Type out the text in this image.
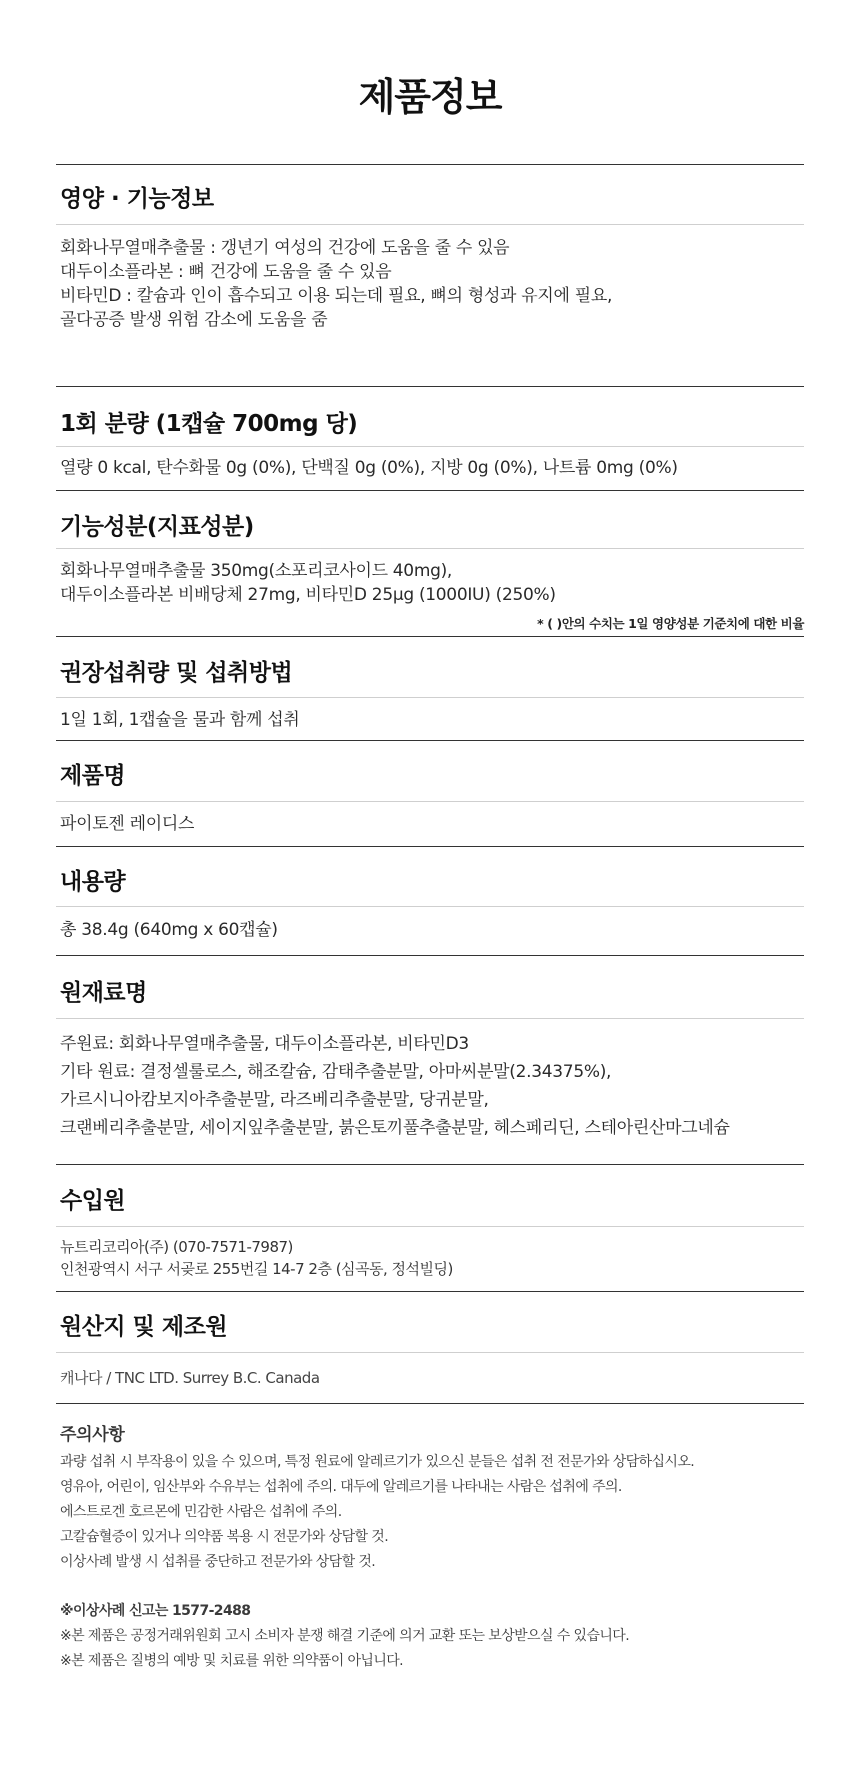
제품정보
영양 · 기능정보
회화나무열매추출물 : 갱년기 여성의 건강에 도움을 줄 수 있음
대두이소플라본 : 뼈 건강에 도움을 줄 수 있음
비타민D : 칼슘과 인이 흡수되고 이용 되는데 필요, 뼈의 형성과 유지에 필요,
골다공증 발생 위험 감소에 도움을 줌
1회 분량 (1캡슐 700mg 당)
열량 0 kcal, 탄수화물 0g (0%), 단백질 0g (0%), 지방 0g (0%), 나트륨 0mg (0%)
기능성분(지표성분)
회화나무열매추출물 350mg(소포리코사이드 40mg),
대두이소플라본 비배당체 27mg, 비타민D 25µg (1000IU) (250%)
* ( )안의 수치는 1일 영양성분 기준치에 대한 비율
권장섭취량 및 섭취방법
1일 1회, 1캡슐을 물과 함께 섭취
제품명
파이토젠 레이디스
내용량
총 38.4g (640mg x 60캡슐)
원재료명
주원료: 회화나무열매추출물, 대두이소플라본, 비타민D3
기타 원료: 결정셀룰로스, 해조칼슘, 감태추출분말, 아마씨분말(2.34375%),
가르시니아캄보지아추출분말, 라즈베리추출분말, 당귀분말,
크랜베리추출분말, 세이지잎추출분말, 붉은토끼풀추출분말, 헤스페리딘, 스테아린산마그네슘
수입원
뉴트리코리아(주) (070-7571-7987)
인천광역시 서구 서곶로 255번길 14-7 2층 (심곡동, 정석빌딩)
원산지 및 제조원
캐나다 / TNC LTD. Surrey B.C. Canada
주의사항
과량 섭취 시 부작용이 있을 수 있으며, 특정 원료에 알레르기가 있으신 분들은 섭취 전 전문가와 상담하십시오.
영유아, 어린이, 임산부와 수유부는 섭취에 주의. 대두에 알레르기를 나타내는 사람은 섭취에 주의.
에스트로겐 호르몬에 민감한 사람은 섭취에 주의.
고칼슘혈증이 있거나 의약품 복용 시 전문가와 상담할 것.
이상사례 발생 시 섭취를 중단하고 전문가와 상담할 것.
※이상사례 신고는 1577-2488
※본 제품은 공정거래위원회 고시 소비자 분쟁 해결 기준에 의거 교환 또는 보상받으실 수 있습니다.
※본 제품은 질병의 예방 및 치료를 위한 의약품이 아닙니다.
